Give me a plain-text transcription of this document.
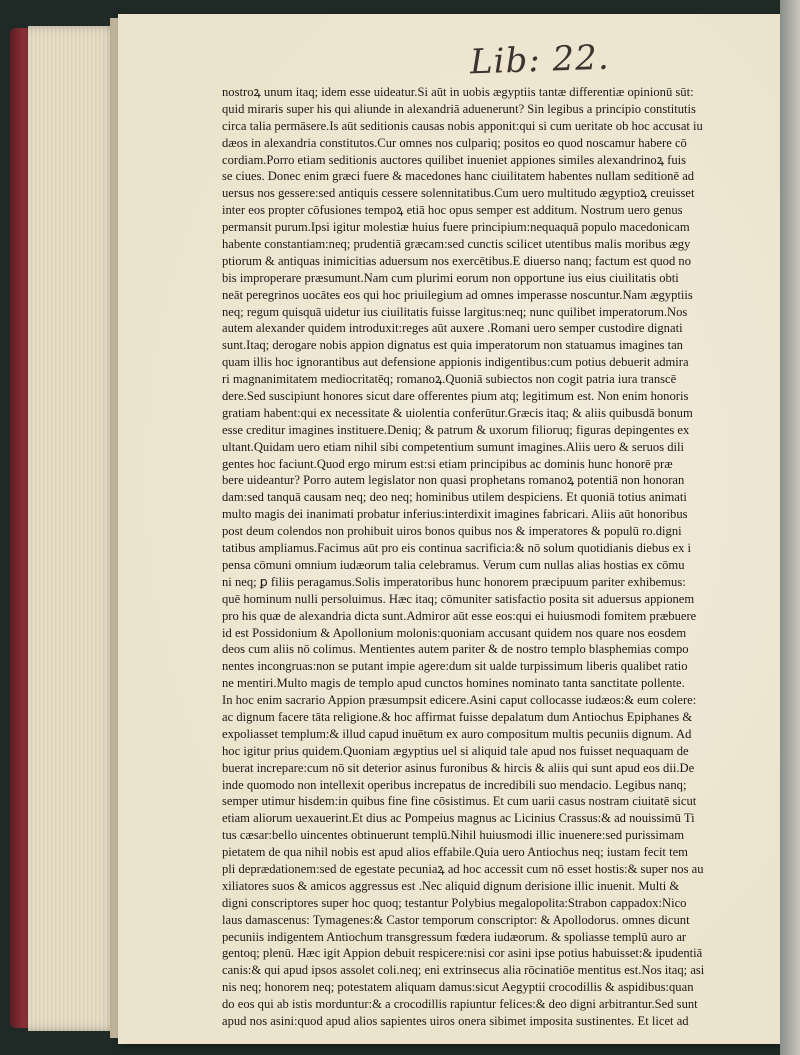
Lib: 22.
nostroꝝ unum itaq; idem esse uideatur.Si aūt in uobis ægyptiis tantæ differentiæ opinionū sūt:
quid miraris super his qui aliunde in alexandriā aduenerunt? Sin legibus a principio constitutis
circa talia permāsere.Is aūt seditionis causas nobis apponit:qui si cum ueritate ob hoc accusat iu
dæos in alexandria constitutos.Cur omnes nos culpariq; positos eo quod noscamur habere cō
cordiam.Porro etiam seditionis auctores quilibet inueniet appiones similes alexandrinoꝝ fuis
se ciues. Donec enim græci fuere & macedones hanc ciuilitatem habentes nullam seditionē ad
uersus nos gessere:sed antiquis cessere solennitatibus.Cum uero multitudo ægyptioꝝ creuisset
inter eos propter cōfusiones tempoꝝ etiā hoc opus semper est additum. Nostrum uero genus
permansit purum.Ipsi igitur molestiæ huius fuere principium:nequaquā populo macedonicam
habente constantiam:neq; prudentiā græcam:sed cunctis scilicet utentibus malis moribus ægy
ptiorum & antiquas inimicitias aduersum nos exercētibus.E diuerso nanq; factum est quod no
bis improperare præsumunt.Nam cum plurimi eorum non opportune ius eius ciuilitatis obti
neāt peregrinos uocātes eos qui hoc priuilegium ad omnes imperasse noscuntur.Nam ægyptiis
neq; regum quisquā uidetur ius ciuilitatis fuisse largitus:neq; nunc quilibet imperatorum.Nos
autem alexander quidem introduxit:reges aūt auxere .Romani uero semper custodire dignati
sunt.Itaq; derogare nobis appion dignatus est quia imperatorum non statuamus imagines tan
quam illis hoc ignorantibus aut defensione appionis indigentibus:cum potius debuerit admira
ri magnanimitatem mediocritatēq; romanoꝝ.Quoniā subiectos non cogit patria iura transcē
dere.Sed suscipiunt honores sicut dare offerentes pium atq; legitimum est. Non enim honoris
gratiam habent:qui ex necessitate & uiolentia conferūtur.Græcis itaq; & aliis quibusdā bonum
esse creditur imagines instituere.Deniq; & patrum & uxorum filioruq; figuras depingentes ex
ultant.Quidam uero etiam nihil sibi competentium sumunt imagines.Aliis uero & seruos dili
gentes hoc faciunt.Quod ergo mirum est:si etiam principibus ac dominis hunc honorē præ
bere uideantur? Porro autem legislator non quasi prophetans romanoꝝ potentiā non honoran
dam:sed tanquā causam neq; deo neq; hominibus utilem despiciens. Et quoniā totius animati
multo magis dei inanimati probatur inferius:interdixit imagines fabricari. Aliis aūt honoribus
post deum colendos non prohibuit uiros bonos quibus nos & imperatores & populū ro.digni
tatibus ampliamus.Facimus aūt pro eis continua sacrificia:& nō solum quotidianis diebus ex i
pensa cōmuni omnium iudæorum talia celebramus. Verum cum nullas alias hostias ex cōmu
ni neq; ꝑ filiis peragamus.Solis imperatoribus hunc honorem præcipuum pariter exhibemus:
quē hominum nulli persoluimus. Hæc itaq; cōmuniter satisfactio posita sit aduersus appionem
pro his quæ de alexandria dicta sunt.Admiror aūt esse eos:qui ei huiusmodi fomitem præbuere
id est Possidonium & Apollonium molonis:quoniam accusant quidem nos quare nos eosdem
deos cum aliis nō colimus. Mentientes autem pariter & de nostro templo blasphemias compo
nentes incongruas:non se putant impie agere:dum sit ualde turpissimum liberis qualibet ratio
ne mentiri.Multo magis de templo apud cunctos homines nominato tanta sanctitate pollente.
In hoc enim sacrario Appion præsumpsit edicere.Asini caput collocasse iudæos:& eum colere:
ac dignum facere tāta religione.& hoc affirmat fuisse depalatum dum Antiochus Epiphanes &
expoliasset templum:& illud capud inuētum ex auro compositum multis pecuniis dignum. Ad
hoc igitur prius quidem.Quoniam ægyptius uel si aliquid tale apud nos fuisset nequaquam de
buerat increpare:cum nō sit deterior asinus furonibus & hircis & aliis qui sunt apud eos dii.De
inde quomodo non intellexit operibus increpatus de incredibili suo mendacio. Legibus nanq;
semper utimur hisdem:in quibus fine fine cōsistimus. Et cum uarii casus nostram ciuitatē sicut
etiam aliorum uexauerint.Et dius ac Pompeius magnus ac Licinius Crassus:& ad nouissimū Ti
tus cæsar:bello uincentes obtinuerunt templū.Nihil huiusmodi illic inuenere:sed purissimam
pietatem de qua nihil nobis est apud alios effabile.Quia uero Antiochus neq; iustam fecit tem
pli deprædationem:sed de egestate pecuniaꝝ ad hoc accessit cum nō esset hostis:& super nos au
xiliatores suos & amicos aggressus est .Nec aliquid dignum derisione illic inuenit. Multi &
digni conscriptores super hoc quoq; testantur Polybius megalopolita:Strabon cappadox:Nico
laus damascenus: Tymagenes:& Castor temporum conscriptor: & Apollodorus. omnes dicunt
pecuniis indigentem Antiochum transgressum fœdera iudæorum. & spoliasse templū auro ar
gentoq; plenū. Hæc igit Appion debuit respicere:nisi cor asini ipse potius habuisset:& ipudentiā
canis:& qui apud ipsos assolet coli.neq; eni extrinsecus alia rōcinatiōe mentitus est.Nos itaq; asi
nis neq; honorem neq; potestatem aliquam damus:sicut Aegyptii crocodillis & aspidibus:quan
do eos qui ab istis morduntur:& a crocodillis rapiuntur felices:& deo digni arbitrantur.Sed sunt
apud nos asini:quod apud alios sapientes uiros onera sibimet imposita sustinentes. Et licet ad
